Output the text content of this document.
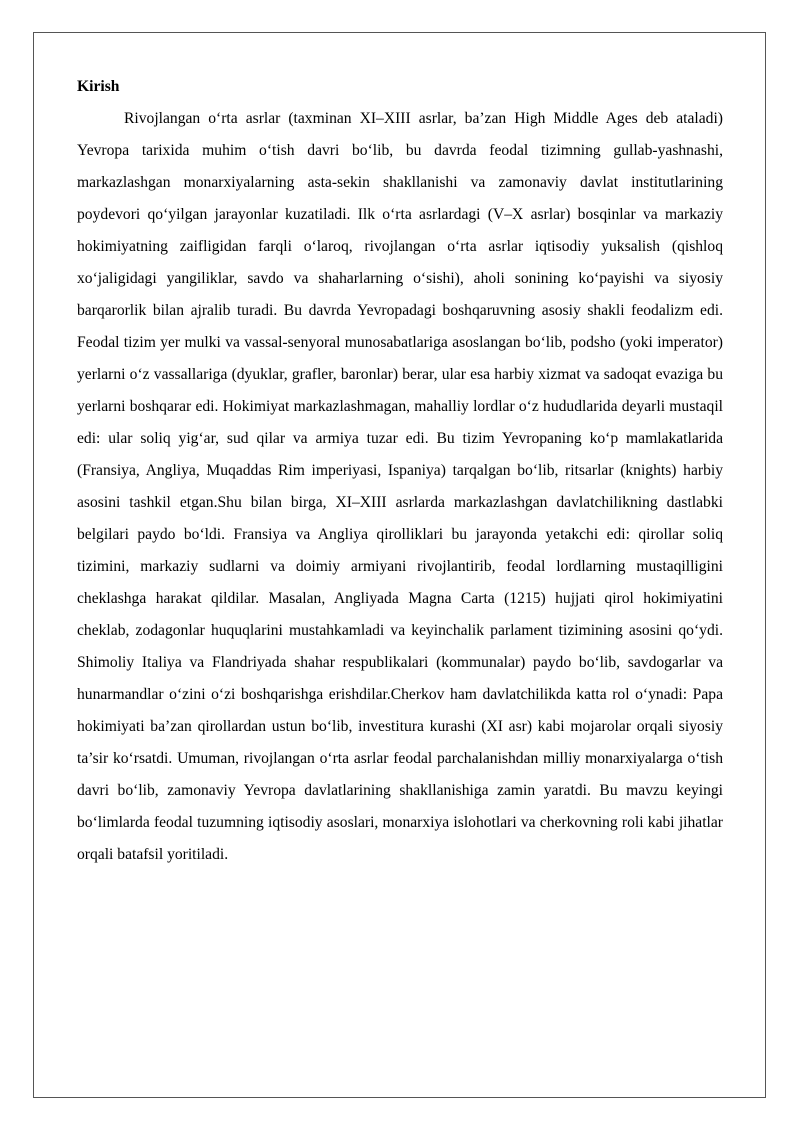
Kirish

Rivojlangan o‘rta asrlar (taxminan XI–XIII asrlar, ba’zan High Middle Ages deb ataladi) Yevropa tarixida muhim o‘tish davri bo‘lib, bu davrda feodal tizimning gullab-yashnashi, markazlashgan monarxiyalarning asta-sekin shakllanishi va zamonaviy davlat institutlarining poydevori qo‘yilgan jarayonlar kuzatiladi. Ilk o‘rta asrlardagi (V–X asrlar) bosqinlar va markaziy hokimiyatning zaifligidan farqli o‘laroq, rivojlangan o‘rta asrlar iqtisodiy yuksalish (qishloq xo‘jaligidagi yangiliklar, savdo va shaharlarning o‘sishi), aholi sonining ko‘payishi va siyosiy barqarorlik bilan ajralib turadi. Bu davrda Yevropadagi boshqaruvning asosiy shakli feodalizm edi. Feodal tizim yer mulki va vassal-senyoral munosabatlariga asoslangan bo‘lib, podsho (yoki imperator) yerlarni o‘z vassallariga (dyuklar, grafler, baronlar) berar, ular esa harbiy xizmat va sadoqat evaziga bu yerlarni boshqarar edi. Hokimiyat markazlashmagan, mahalliy lordlar o‘z hududlarida deyarli mustaqil edi: ular soliq yig‘ar, sud qilar va armiya tuzar edi. Bu tizim Yevropaning ko‘p mamlakatlarida (Fransiya, Angliya, Muqaddas Rim imperiyasi, Ispaniya) tarqalgan bo‘lib, ritsarlar (knights) harbiy asosini tashkil etgan.Shu bilan birga, XI–XIII asrlarda markazlashgan davlatchilikning dastlabki belgilari paydo bo‘ldi. Fransiya va Angliya qirolliklari bu jarayonda yetakchi edi: qirollar soliq tizimini, markaziy sudlarni va doimiy armiyani rivojlantirib, feodal lordlarning mustaqilligini cheklashga harakat qildilar. Masalan, Angliyada Magna Carta (1215) hujjati qirol hokimiyatini cheklab, zodagonlar huquqlarini mustahkamladi va keyinchalik parlament tizimining asosini qo‘ydi. Shimoliy Italiya va Flandriyada shahar respublikalari (kommunalar) paydo bo‘lib, savdogarlar va hunarmandlar o‘zini o‘zi boshqarishga erishdilar.Cherkov ham davlatchilikda katta rol o‘ynadi: Papa hokimiyati ba’zan qirollardan ustun bo‘lib, investitura kurashi (XI asr) kabi mojarolar orqali siyosiy ta’sir ko‘rsatdi. Umuman, rivojlangan o‘rta asrlar feodal parchalanishdan milliy monarxiyalarga o‘tish davri bo‘lib, zamonaviy Yevropa davlatlarining shakllanishiga zamin yaratdi. Bu mavzu keyingi bo‘limlarda feodal tuzumning iqtisodiy asoslari, monarxiya islohotlari va cherkovning roli kabi jihatlar orqali batafsil yoritiladi.
